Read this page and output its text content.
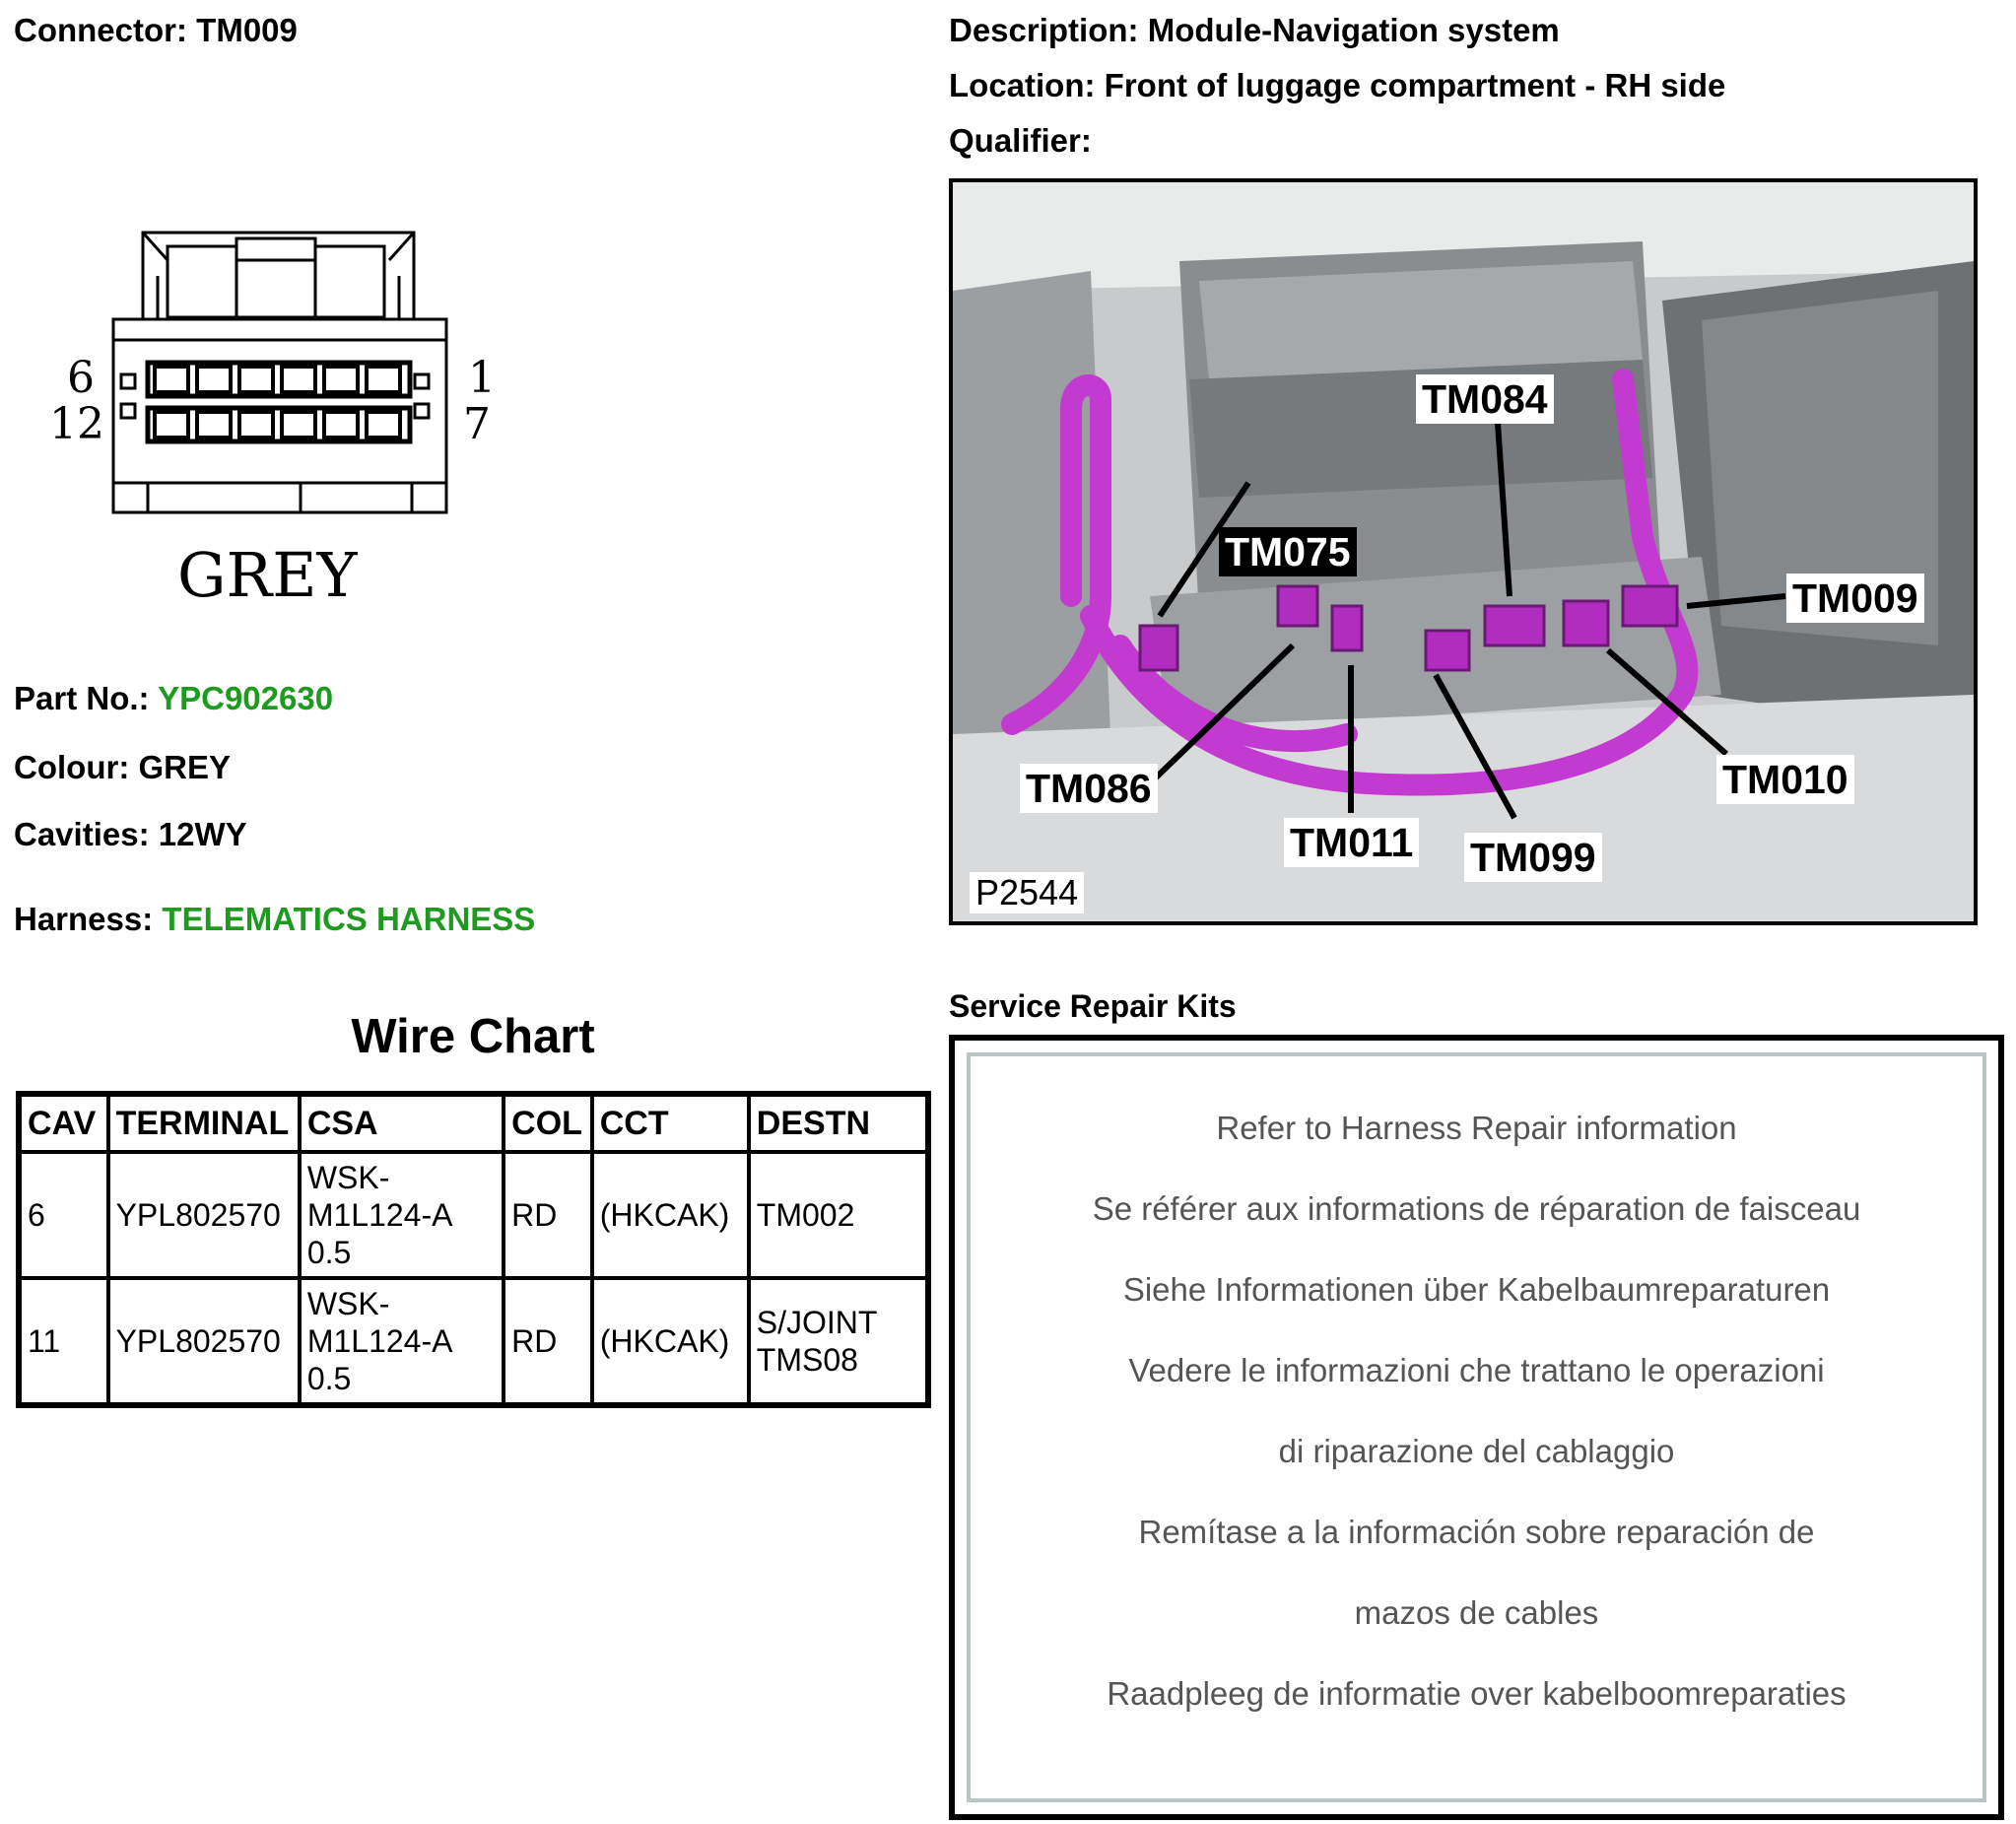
Connector: TM009	Description: Module-Navigation system
Location: Front of luggage compartment - RH side
Qualifier:
6
12
1
7
GREY
Part No.: YPC902630
Colour: GREY
Cavities: 12WY
Harness: TELEMATICS HARNESS
Wire Chart
CAV	TERMINAL	CSA	COL	CCT	DESTN
6	YPL802570	WSK-
M1L124-A
0.5	RD	(HKCAK)	TM002

11	YPL802570	WSK-
M1L124-A
0.5	RD	(HKCAK)	S/JOINT
TMS08
TM084
TM075
TM009
TM086	TM010
TM011 TM099
P2544
Service Repair Kits
Refer to Harness Repair information
Se référer aux informations de réparation de faisceau
Siehe Informationen über Kabelbaumreparaturen
Vedere le informazioni che trattano le operazioni
di riparazione del cablaggio
Remítase a la información sobre reparación de
mazos de cables
Raadpleeg de informatie over kabelboomreparaties
